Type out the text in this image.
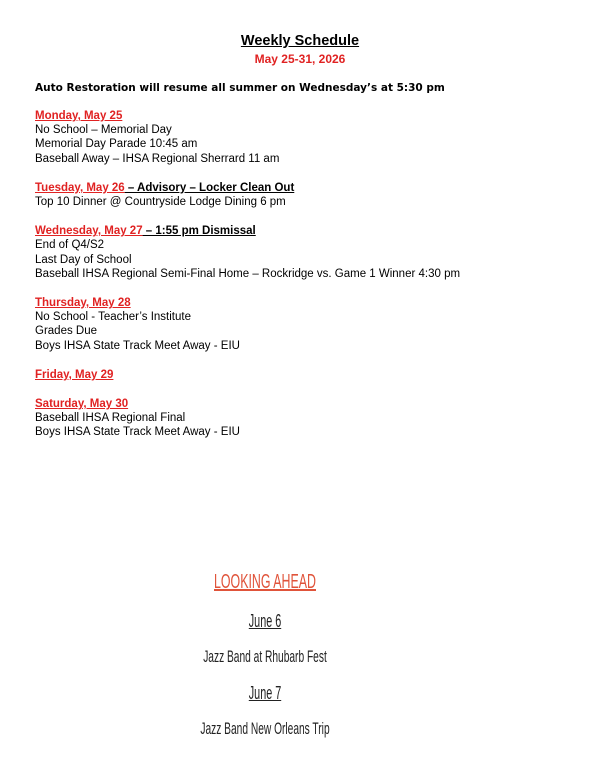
Weekly Schedule
May 25-31, 2026
Auto Restoration will resume all summer on Wednesday’s at 5:30 pm
Monday, May 25
No School – Memorial Day
Memorial Day Parade 10:45 am
Baseball Away – IHSA Regional Sherrard 11 am
Tuesday, May 26 – Advisory – Locker Clean Out
Top 10 Dinner @ Countryside Lodge Dining 6 pm
Wednesday, May 27 – 1:55 pm Dismissal
End of Q4/S2
Last Day of School
Baseball IHSA Regional Semi-Final Home – Rockridge vs. Game 1 Winner 4:30 pm
Thursday, May 28
No School - Teacher’s Institute
Grades Due
Boys IHSA State Track Meet Away - EIU
Friday, May 29
Saturday, May 30
Baseball IHSA Regional Final
Boys IHSA State Track Meet Away - EIU
LOOKING AHEAD
June 6
Jazz Band at Rhubarb Fest
June 7
Jazz Band New Orleans Trip
